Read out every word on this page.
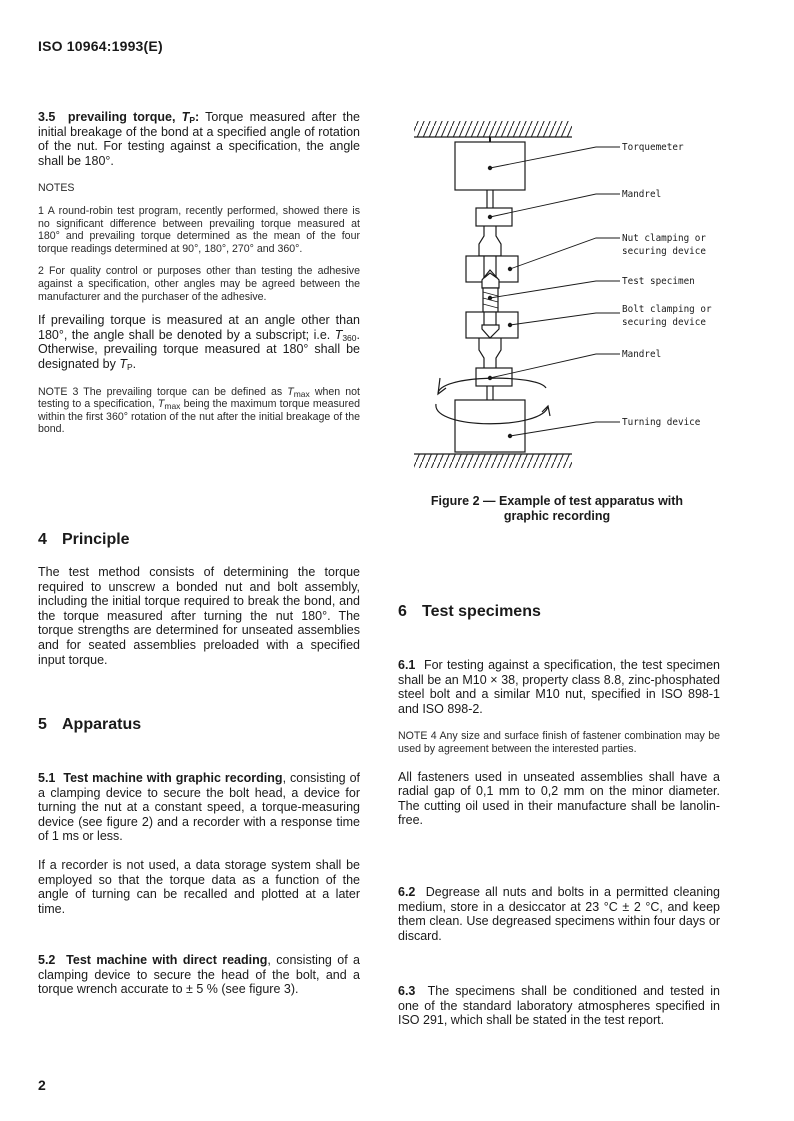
ISO 10964:1993(E)

3.5 prevailing torque, $T_P$: Torque measured after the initial breakage of the bond at a specified angle of rotation of the nut. For testing against a specification, the angle shall be 180°.

NOTES

1 A round-robin test program, recently performed, showed there is no significant difference between prevailing torque measured at 180° and prevailing torque determined as the mean of the four torque readings determined at 90°, 180°, 270° and 360°.

2 For quality control or purposes other than testing the adhesive against a specification, other angles may be agreed between the manufacturer and the purchaser of the adhesive.

If prevailing torque is measured at an angle other than 180°, the angle shall be denoted by a subscript; i.e. $T_{360}$. Otherwise, prevailing torque measured at 180° shall be designated by $T_P$.

NOTE 3 The prevailing torque can be defined as $T_{max}$ when not testing to a specification, $T_{max}$ being the maximum torque measured within the first 360° rotation of the nut after the initial breakage of the bond.

4 Principle

The test method consists of determining the torque required to unscrew a bonded nut and bolt assembly, including the initial torque required to break the bond, and the torque measured after turning the nut 180°. The torque strengths are determined for unseated assemblies and for seated assemblies preloaded with a specified input torque.

5 Apparatus

5.1 Test machine with graphic recording, consisting of a clamping device to secure the bolt head, a device for turning the nut at a constant speed, a torque-measuring device (see figure 2) and a recorder with a response time of 1 ms or less.

If a recorder is not used, a data storage system shall be employed so that the torque data as a function of the angle of turning can be recalled and plotted at a later time.

5.2 Test machine with direct reading, consisting of a clamping device to secure the head of the bolt, and a torque wrench accurate to ± 5 % (see figure 3).

Torquemeter
Mandrel
Nut clamping or
securing device
Test specimen
Bolt clamping or
securing device
Mandrel
Turning device
Figure 2 — Example of test apparatus with
graphic recording
6 Test specimens

6.1 For testing against a specification, the test specimen shall be an M10 × 38, property class 8.8, zinc-phosphated steel bolt and a similar M10 nut, specified in ISO 898-1 and ISO 898-2.

NOTE 4 Any size and surface finish of fastener combination may be used by agreement between the interested parties.

All fasteners used in unseated assemblies shall have a radial gap of 0,1 mm to 0,2 mm on the minor diameter. The cutting oil used in their manufacture shall be lanolin-free.

6.2 Degrease all nuts and bolts in a permitted cleaning medium, store in a desiccator at 23 °C ± 2 °C, and keep them clean. Use degreased specimens within four days or discard.

6.3 The specimens shall be conditioned and tested in one of the standard laboratory atmospheres specified in ISO 291, which shall be stated in the test report.

2
